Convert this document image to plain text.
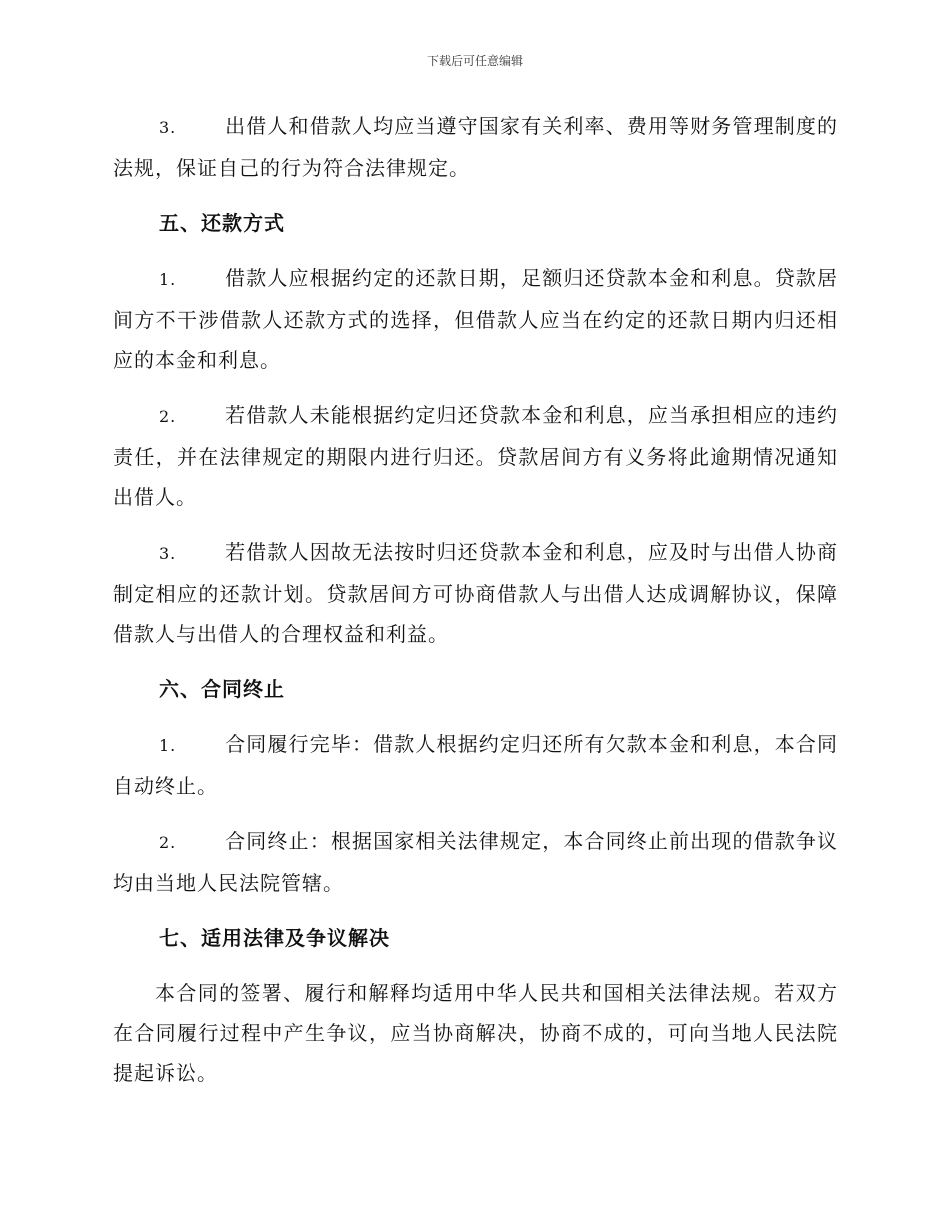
下载后可任意编辑

3. 出借人和借款人均应当遵守国家有关利率、费用等财务管理制度的法规，保证自己的行为符合法律规定。

五、还款方式

1. 借款人应根据约定的还款日期，足额归还贷款本金和利息。贷款居间方不干涉借款人还款方式的选择，但借款人应当在约定的还款日期内归还相应的本金和利息。

2. 若借款人未能根据约定归还贷款本金和利息，应当承担相应的违约责任，并在法律规定的期限内进行归还。贷款居间方有义务将此逾期情况通知出借人。

3. 若借款人因故无法按时归还贷款本金和利息，应及时与出借人协商制定相应的还款计划。贷款居间方可协商借款人与出借人达成调解协议，保障借款人与出借人的合理权益和利益。

六、合同终止

1. 合同履行完毕：借款人根据约定归还所有欠款本金和利息，本合同自动终止。

2. 合同终止：根据国家相关法律规定，本合同终止前出现的借款争议均由当地人民法院管辖。

七、适用法律及争议解决

本合同的签署、履行和解释均适用中华人民共和国相关法律法规。若双方在合同履行过程中产生争议，应当协商解决，协商不成的，可向当地人民法院提起诉讼。
